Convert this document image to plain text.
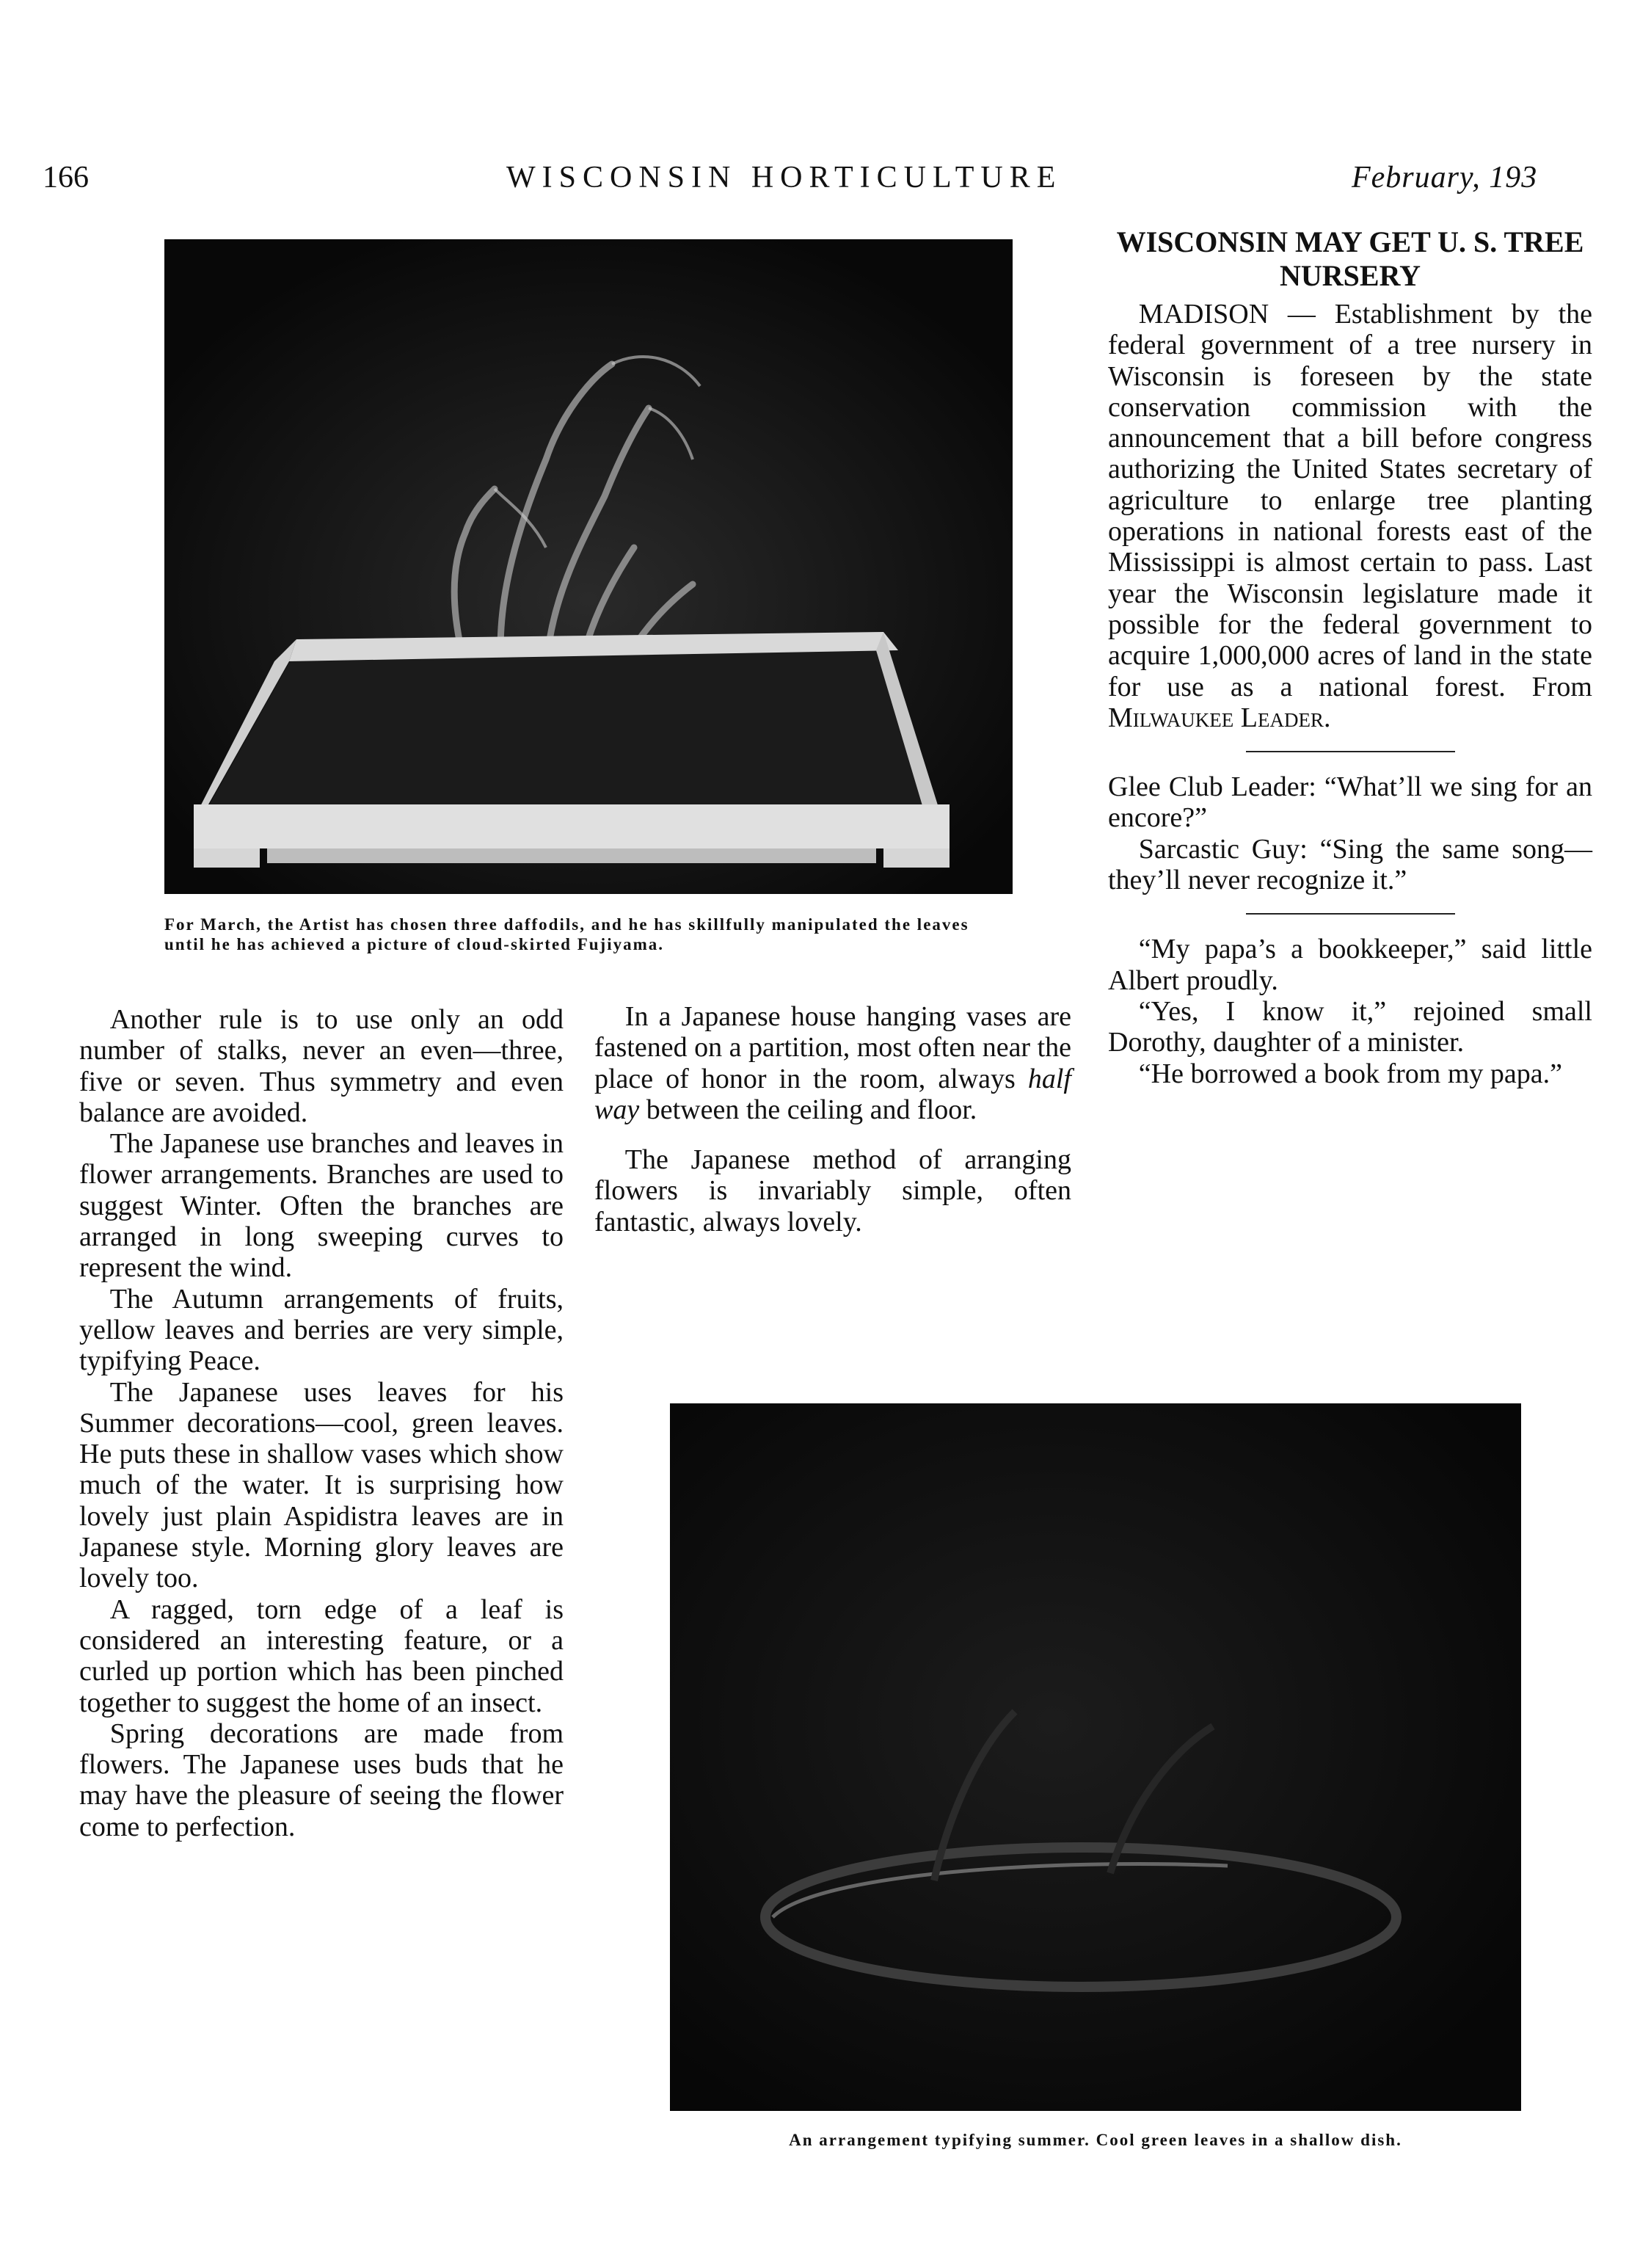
166	WISCONSIN HORTICULTURE	February, 193
For March, the Artist has chosen three daffodils, and he has skillfully manipulated the leaves until he has achieved a picture of cloud-skirted Fujiyama.

Another rule is to use only an odd number of stalks, never an even—three, five or seven. Thus symmetry and even balance are avoided.

The Japanese use branches and leaves in flower arrangements. Branches are used to suggest Winter. Often the branches are arranged in long sweeping curves to represent the wind.

The Autumn arrangements of fruits, yellow leaves and berries are very simple, typifying Peace.

The Japanese uses leaves for his Summer decorations—cool, green leaves. He puts these in shallow vases which show much of the water. It is surprising how lovely just plain Aspidistra leaves are in Japanese style. Morning glory leaves are lovely too.

A ragged, torn edge of a leaf is considered an interesting feature, or a curled up portion which has been pinched together to suggest the home of an insect.

Spring decorations are made from flowers. The Japanese uses buds that he may have the pleasure of seeing the flower come to perfection.

In a Japanese house hanging vases are fastened on a partition, most often near the place of honor in the room, always half way between the ceiling and floor.

The Japanese method of arranging flowers is invariably simple, often fantastic, always lovely.

WISCONSIN MAY GET U. S. TREE NURSERY

MADISON — Establishment by the federal government of a tree nursery in Wisconsin is foreseen by the state conservation commission with the announcement that a bill before congress authorizing the United States secretary of agriculture to enlarge tree planting operations in national forests east of the Mississippi is almost certain to pass. Last year the Wisconsin legislature made it possible for the federal government to acquire 1,000,000 acres of land in the state for use as a national forest. From Milwaukee Leader.

Glee Club Leader: “What’ll we sing for an encore?”

Sarcastic Guy: “Sing the same song—they’ll never recognize it.”

“My papa’s a bookkeeper,” said little Albert proudly.

“Yes, I know it,” rejoined small Dorothy, daughter of a minister.

“He borrowed a book from my papa.”

An arrangement typifying summer. Cool green leaves in a shallow dish.
